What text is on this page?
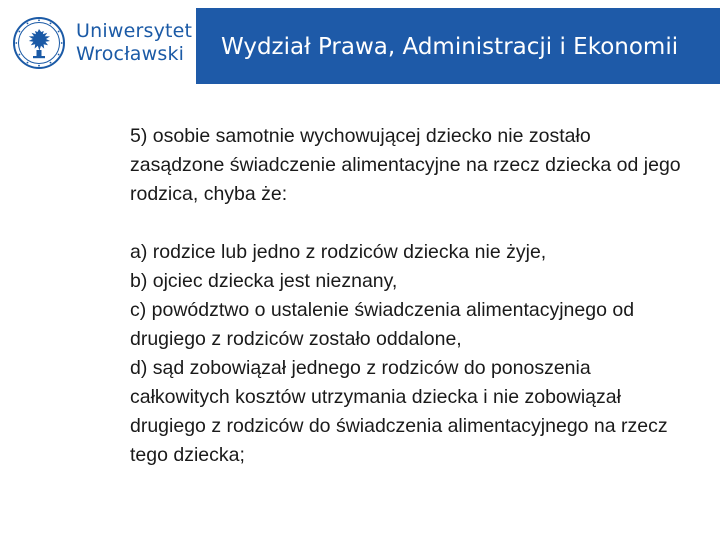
Uniwersytet
Wrocławski	Wydział Prawa, Administracji i Ekonomii

5) osobie samotnie wychowującej dziecko nie zostało zasądzone świadczenie alimentacyjne na rzecz dziecka od jego rodzica, chyba że:

a) rodzice lub jedno z rodziców dziecka nie żyje,

b) ojciec dziecka jest nieznany,

c) powództwo o ustalenie świadczenia alimentacyjnego od drugiego z rodziców zostało oddalone,

d) sąd zobowiązał jednego z rodziców do ponoszenia całkowitych kosztów utrzymania dziecka i nie zobowiązał drugiego z rodziców do świadczenia alimentacyjnego na rzecz tego dziecka;
